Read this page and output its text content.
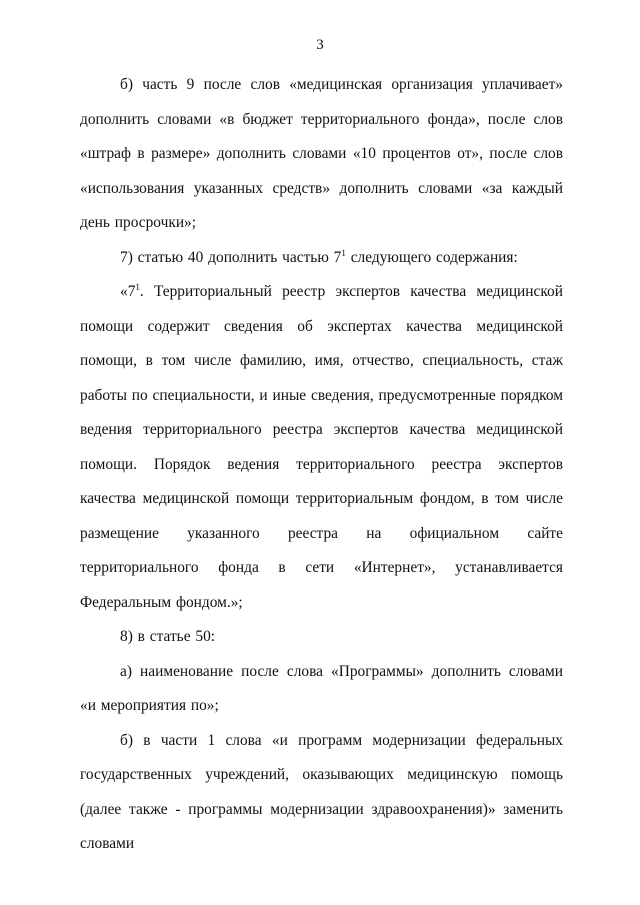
3

б) часть 9 после слов «медицинская организация уплачивает» дополнить словами «в бюджет территориального фонда», после слов «штраф в размере» дополнить словами «10 процентов от», после слов «использования указанных средств» дополнить словами «за каждый день просрочки»;

7) статью 40 дополнить частью $7^1$ следующего содержания:

«$7^1$. Территориальный реестр экспертов качества медицинской помощи содержит сведения об экспертах качества медицинской помощи, в том числе фамилию, имя, отчество, специальность, стаж работы по специальности, и иные сведения, предусмотренные порядком ведения территориального реестра экспертов качества медицинской помощи. Порядок ведения территориального реестра экспертов качества медицинской помощи территориальным фондом, в том числе размещение указанного реестра на официальном сайте территориального фонда в сети «Интернет», устанавливается Федеральным фондом.»;

8) в статье 50:

а) наименование после слова «Программы» дополнить словами «и мероприятия по»;

б) в части 1 слова «и программ модернизации федеральных государственных учреждений, оказывающих медицинскую помощь (далее также - программы модернизации здравоохранения)» заменить словами
